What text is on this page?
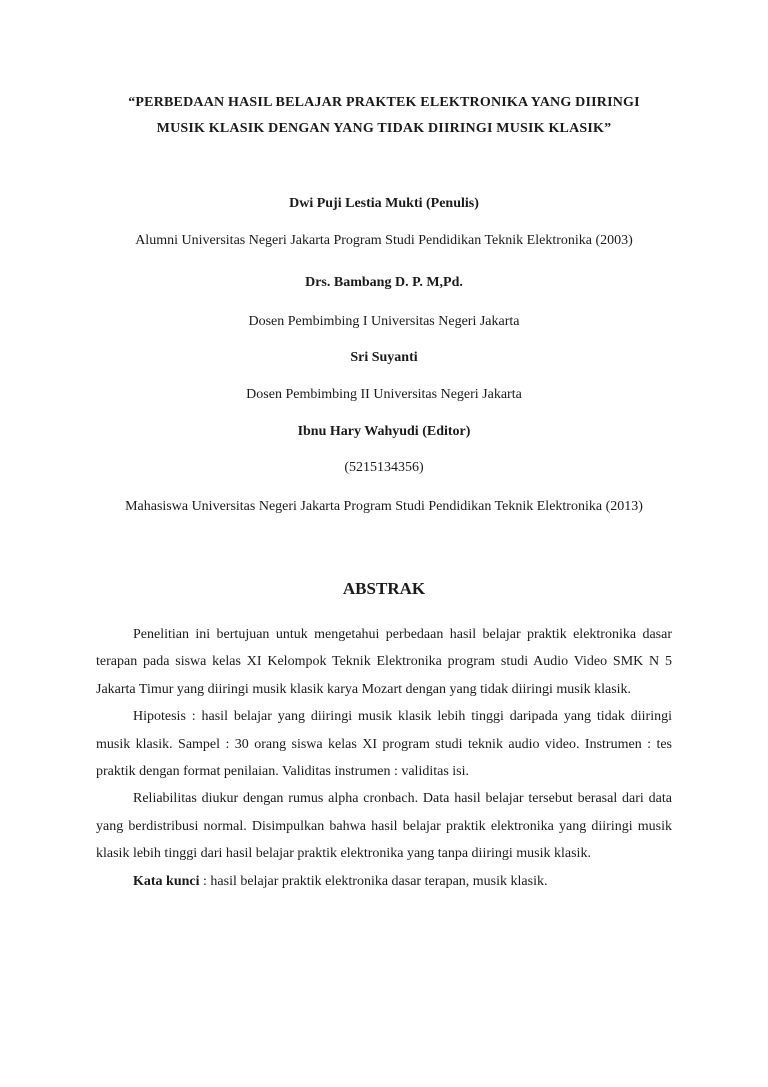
“PERBEDAAN HASIL BELAJAR PRAKTEK ELEKTRONIKA YANG DIIRINGI
MUSIK KLASIK DENGAN YANG TIDAK DIIRINGI MUSIK KLASIK”
Dwi Puji Lestia Mukti (Penulis)
Alumni Universitas Negeri Jakarta Program Studi Pendidikan Teknik Elektronika (2003)
Drs. Bambang D. P. M,Pd.
Dosen Pembimbing I Universitas Negeri Jakarta
Sri Suyanti
Dosen Pembimbing II Universitas Negeri Jakarta
Ibnu Hary Wahyudi (Editor)
(5215134356)
Mahasiswa Universitas Negeri Jakarta Program Studi Pendidikan Teknik Elektronika (2013)
ABSTRAK

Penelitian ini bertujuan untuk mengetahui perbedaan hasil belajar praktik elektronika dasar terapan pada siswa kelas XI Kelompok Teknik Elektronika program studi Audio Video SMK N 5 Jakarta Timur yang diiringi musik klasik karya Mozart dengan yang tidak diiringi musik klasik.

Hipotesis : hasil belajar yang diiringi musik klasik lebih tinggi daripada yang tidak diiringi musik klasik. Sampel : 30 orang siswa kelas XI program studi teknik audio video. Instrumen : tes praktik dengan format penilaian. Validitas instrumen : validitas isi.

Reliabilitas diukur dengan rumus alpha cronbach. Data hasil belajar tersebut berasal dari data yang berdistribusi normal. Disimpulkan bahwa hasil belajar praktik elektronika yang diiringi musik klasik lebih tinggi dari hasil belajar praktik elektronika yang tanpa diiringi musik klasik.

Kata kunci : hasil belajar praktik elektronika dasar terapan, musik klasik.
